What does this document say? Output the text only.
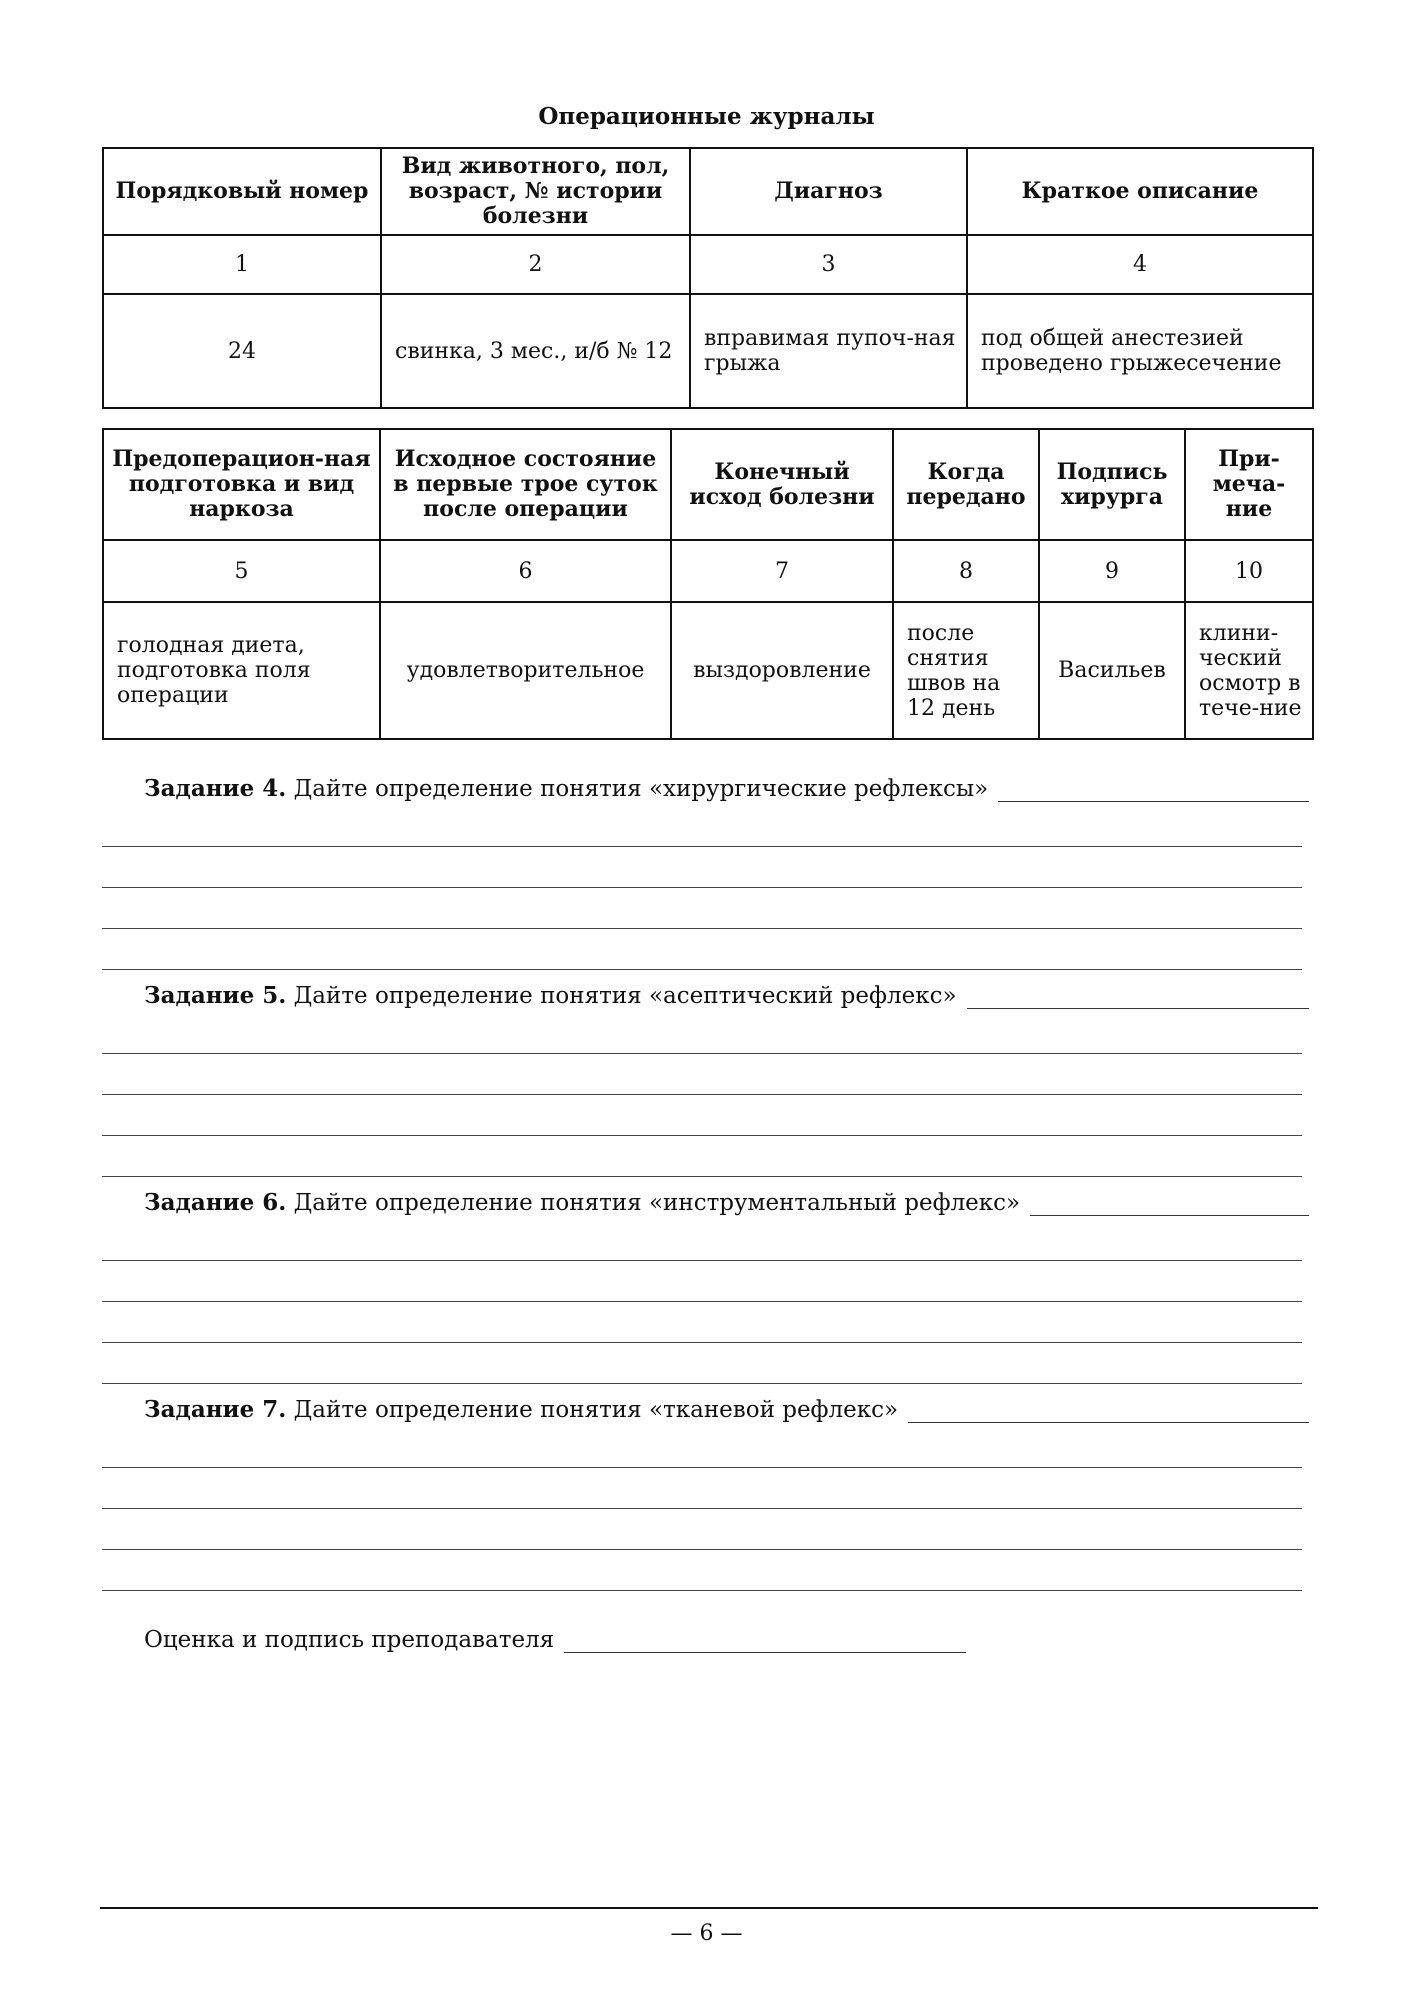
Операционные журналы
Порядковый номер	Вид животного, пол, возраст, № истории болезни	Диагноз	Краткое описание
1	2	3	4
24	свинка, 3 мес., и/б № 12	вправимая пупоч-ная грыжа	под общей анестезией проведено грыжесечение
Предоперацион-ная подготовка и вид наркоза	Исходное состояние в первые трое суток после операции	Конечный исход болезни	Когда передано	Подпись хирурга	При-меча-ние
5	6	7	8	9	10
голодная диета, подготовка поля операции	удовлетворительное	выздоровление	после снятия швов на 12 день	Васильев	клини-ческий осмотр в тече-ние
Задание 4.
Дайте определение понятия «хирургические рефлексы»
Задание 5.
Дайте определение понятия «асептический рефлекс»
Задание 6.
Дайте определение понятия «инструментальный рефлекс»
Задание 7.
Дайте определение понятия «тканевой рефлекс»
Оценка и подпись преподавателя
— 6 —
